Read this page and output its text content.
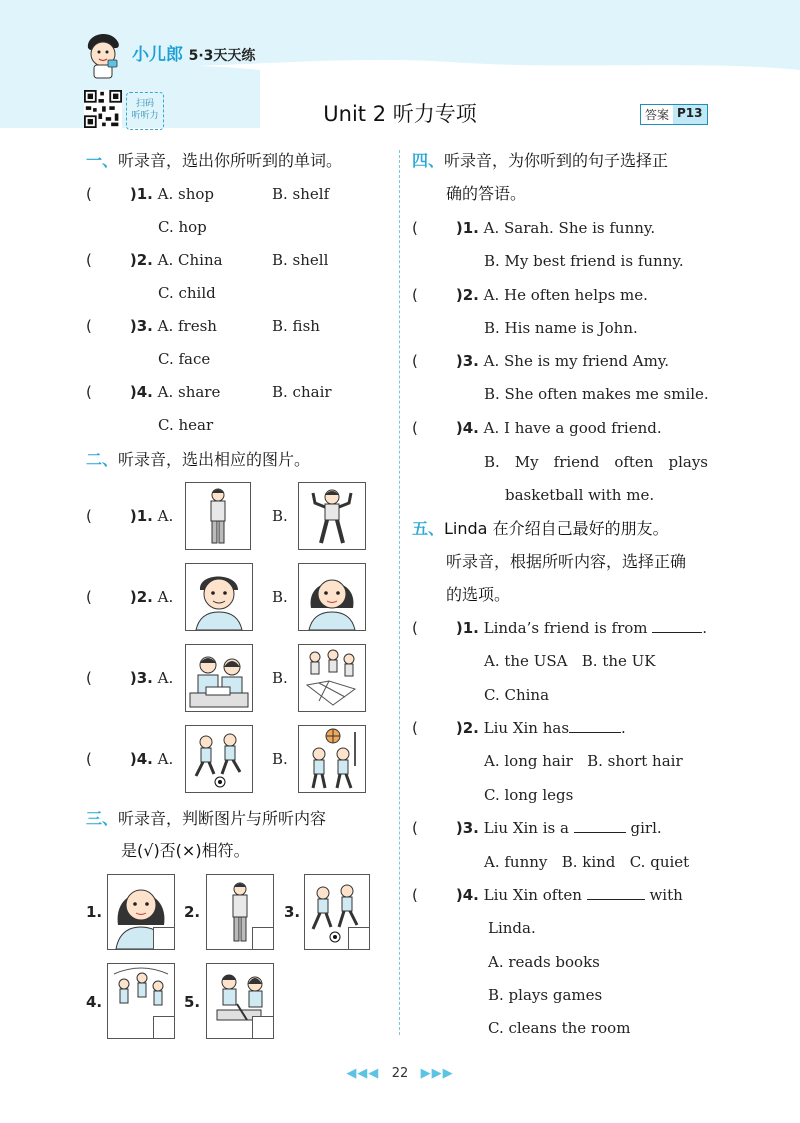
小儿郎 5·3天天练
扫码
听听力	Unit 2 听力专项	答案 P13
一、听录音，选出你所听到的单词。
(	)1. A. shop	B. shelf
C. hop
(	)2. A. China	B. shell
C. child
(	)3. A. fresh	B. fish
C. face
(	)4. A. share	B. chair
C. hear
二、听录音，选出相应的图片。
(	)1. A.	B.
(	)2. A.	B.
(	)3. A.	B.
(	)4. A.	B.
三、听录音，判断图片与所听内容
是(√)否(×)相符。
1.	2.	3.
4.	5.
四、听录音，为你听到的句子选择正
确的答语。
(	)1. A. Sarah. She is funny.
B. My best friend is funny.
(	)2. A. He often helps me.
B. His name is John.
(	)3. A. She is my friend Amy.
B. She often makes me smile.
(	)4. A. I have a good friend.
B. My friend often plays
basketball with me.
五、Linda 在介绍自己最好的朋友。
听录音，根据所听内容，选择正确
的选项。
(	)1. Linda’s friend is from	.
A. the USA B. the UK
C. China
(	)2. Liu Xin has	.
A. long hair B. short hair
C. long legs
(	)3. Liu Xin is a	girl.
A. funny B. kind C. quiet
(	)4. Liu Xin often	with
Linda.
A. reads books
B. plays games
C. cleans the room
◀◀◀ 22 ▶▶▶
